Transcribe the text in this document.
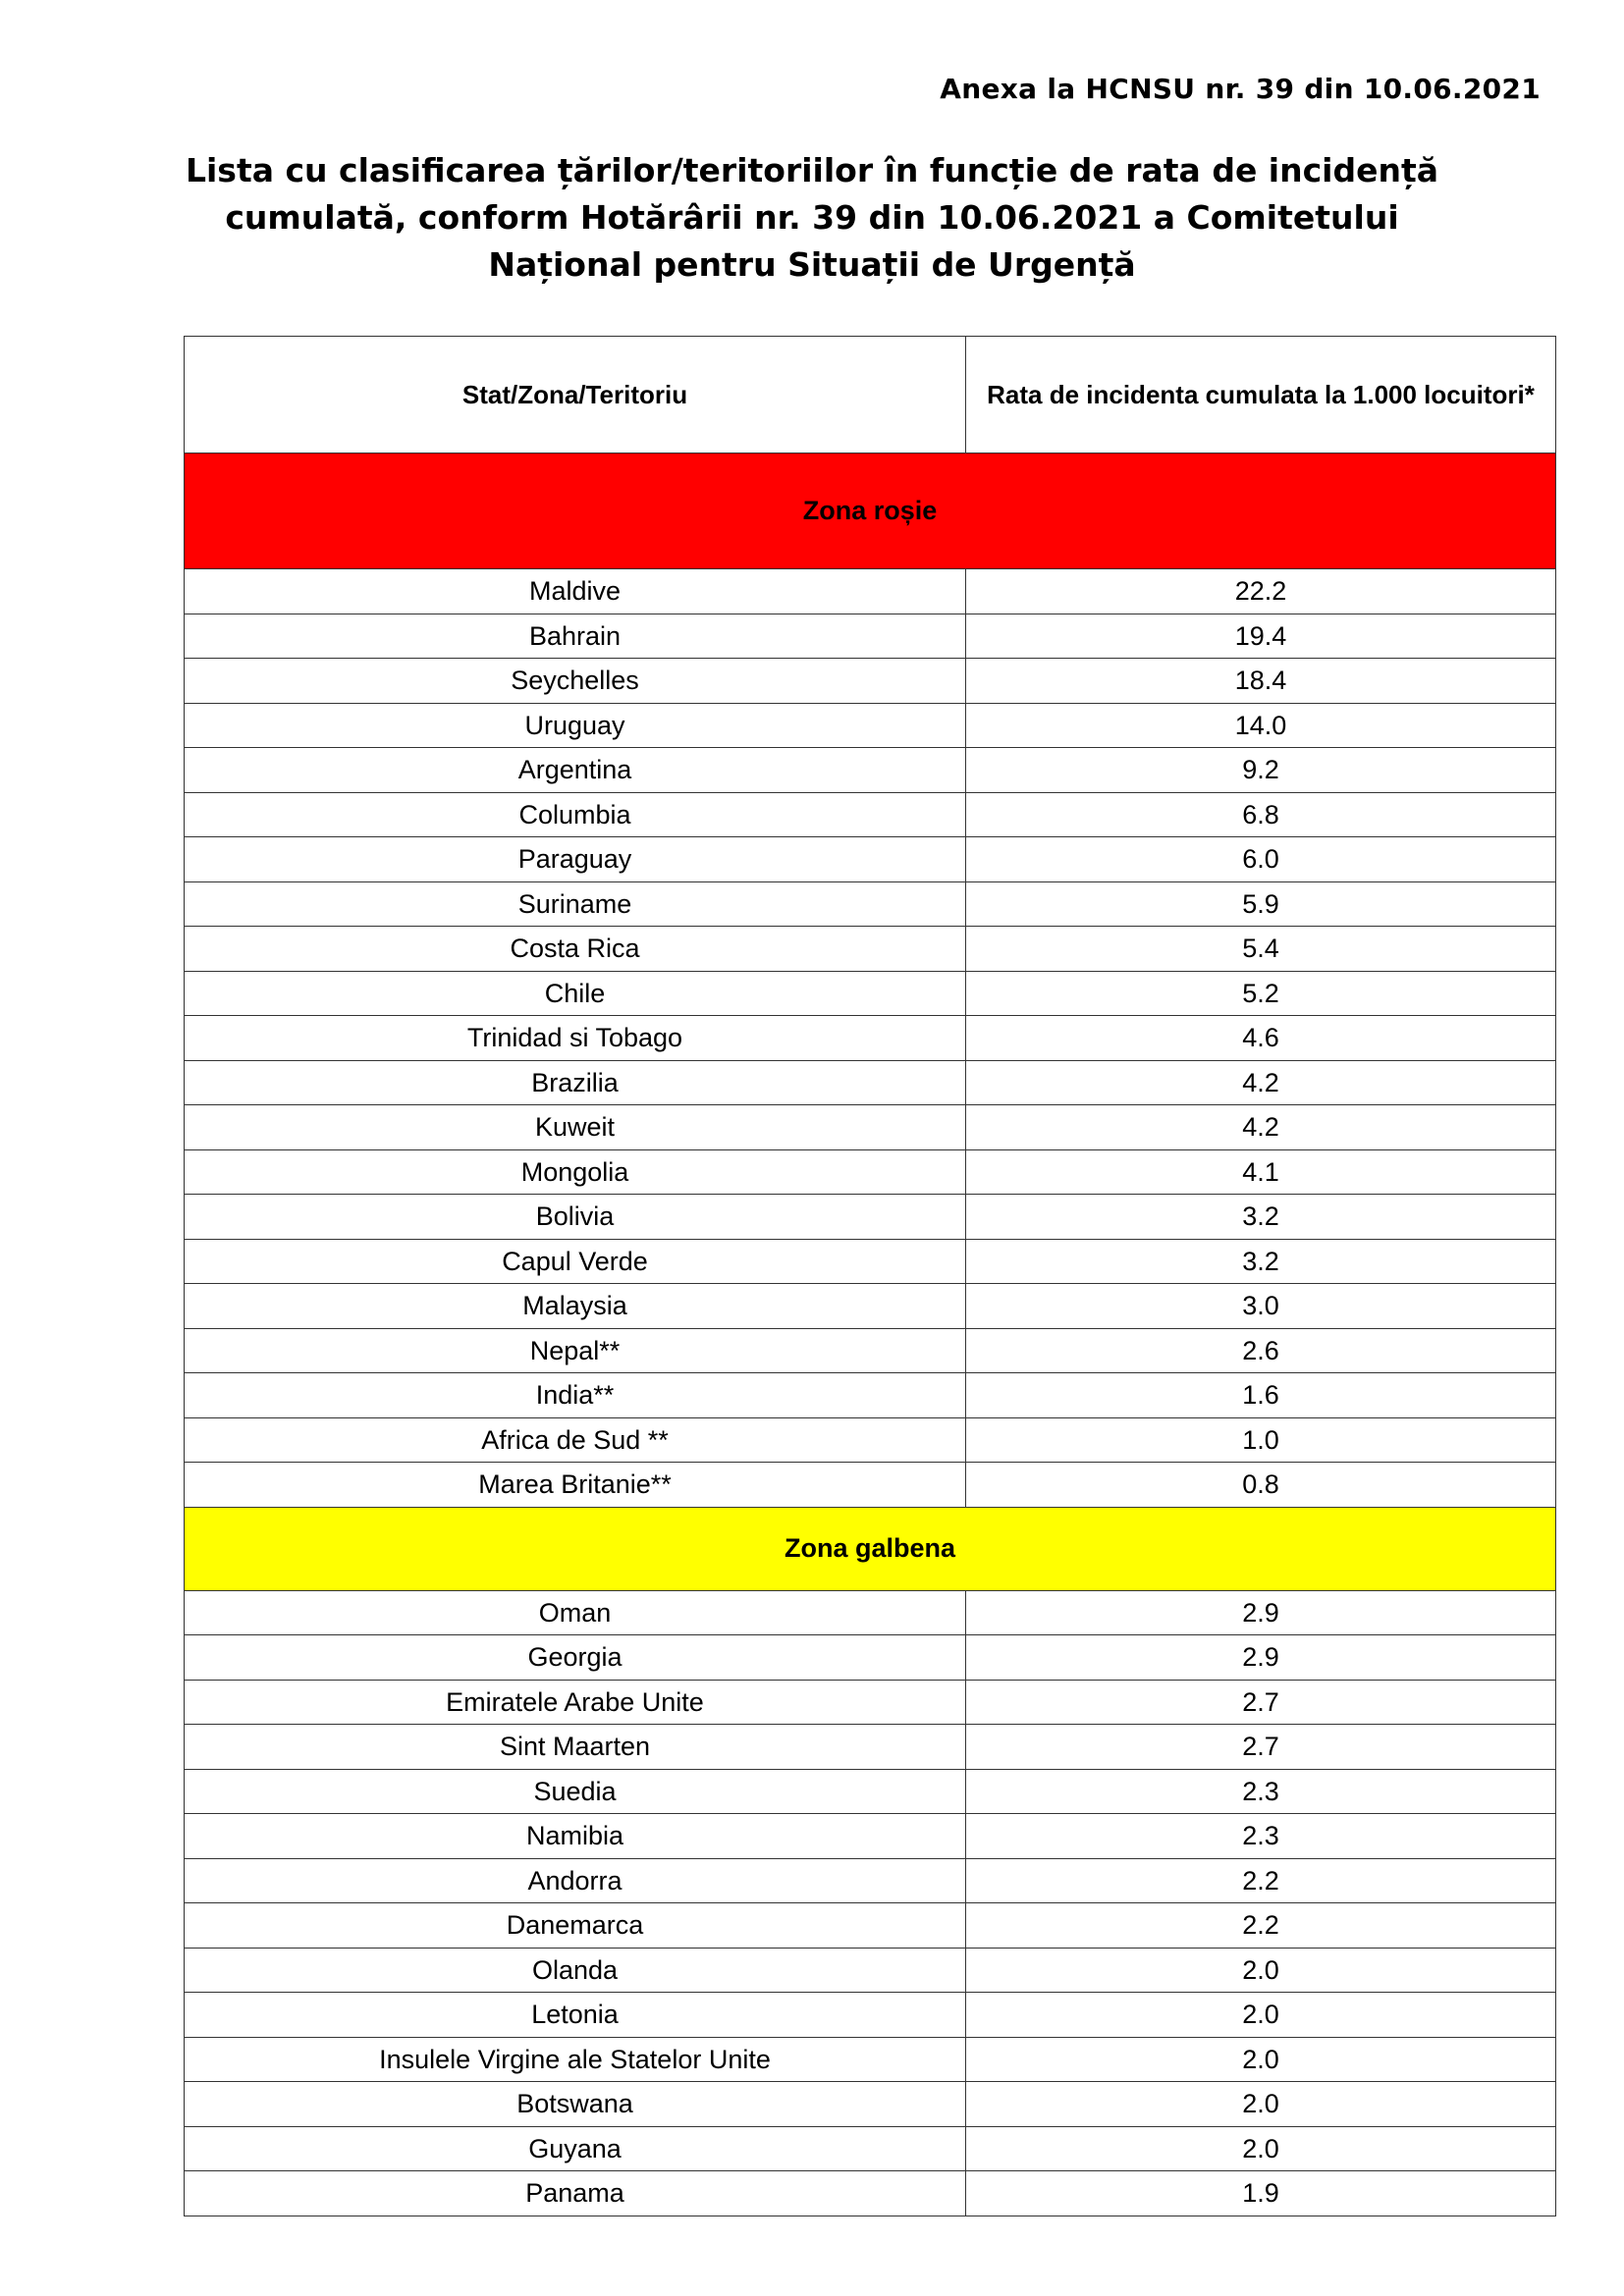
Anexa la HCNSU nr. 39 din 10.06.2021
Lista cu clasificarea țărilor/teritoriilor în funcție de rata de incidență
cumulată, conform Hotărârii nr. 39 din 10.06.2021 a Comitetului
Național pentru Situații de Urgență
Stat/Zona/Teritoriu	Rata de incidenta cumulata la 1.000 locuitori*
Zona roșie	
Maldive	22.2
Bahrain	19.4
Seychelles	18.4
Uruguay	14.0
Argentina	9.2
Columbia	6.8
Paraguay	6.0
Suriname	5.9
Costa Rica	5.4
Chile	5.2
Trinidad si Tobago	4.6
Brazilia	4.2
Kuweit	4.2
Mongolia	4.1
Bolivia	3.2
Capul Verde	3.2
Malaysia	3.0
Nepal**	2.6
India**	1.6
Africa de Sud **	1.0
Marea Britanie**	0.8
Zona galbena	
Oman	2.9
Georgia	2.9
Emiratele Arabe Unite	2.7
Sint Maarten	2.7
Suedia	2.3
Namibia	2.3
Andorra	2.2
Danemarca	2.2
Olanda	2.0
Letonia	2.0
Insulele Virgine ale Statelor Unite	2.0
Botswana	2.0
Guyana	2.0
Panama	1.9
